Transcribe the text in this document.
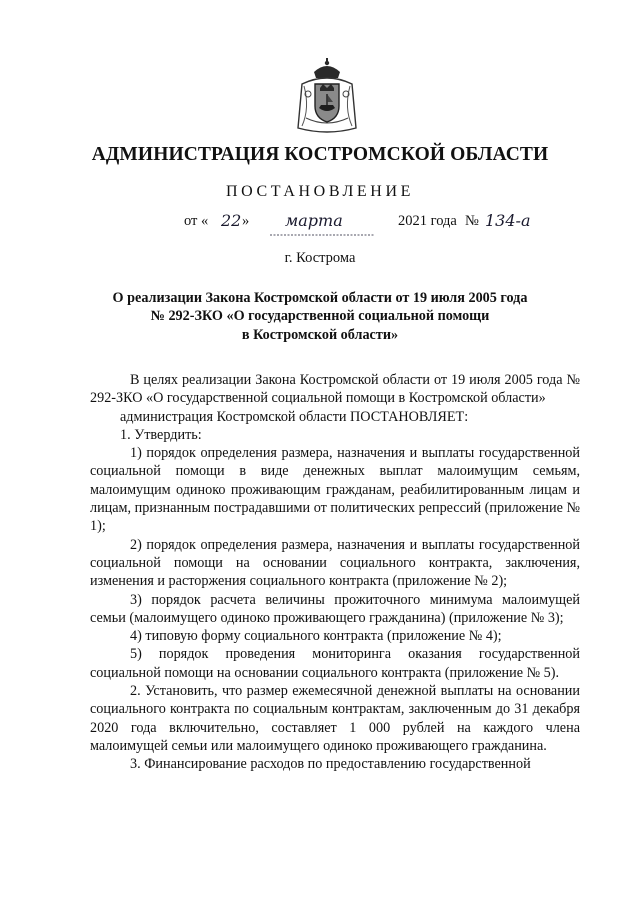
АДМИНИСТРАЦИЯ КОСТРОМСКОЙ ОБЛАСТИ
ПОСТАНОВЛЕНИЕ
от « 22 » марта	2021 года № 134-а
г. Кострома
О реализации Закона Костромской области от 19 июля 2005 года
№ 292-ЗКО «О государственной социальной помощи
в Костромской области»

В целях реализации Закона Костромской области от 19 июля 2005 года № 292-ЗКО «О государственной социальной помощи в Костромской области»

администрация Костромской области ПОСТАНОВЛЯЕТ:

1. Утвердить:

1) порядок определения размера, назначения и выплаты государственной социальной помощи в виде денежных выплат малоимущим семьям, малоимущим одиноко проживающим гражданам, реабилитированным лицам и лицам, признанным пострадавшими от политических репрессий (приложение № 1);

2) порядок определения размера, назначения и выплаты государственной социальной помощи на основании социального контракта, заключения, изменения и расторжения социального контракта (приложение № 2);

3) порядок расчета величины прожиточного минимума малоимущей семьи (малоимущего одиноко проживающего гражданина) (приложение № 3);

4) типовую форму социального контракта (приложение № 4);

5) порядок проведения мониторинга оказания государственной социальной помощи на основании социального контракта (приложение № 5).

2. Установить, что размер ежемесячной денежной выплаты на основании социального контракта по социальным контрактам, заключенным до 31 декабря 2020 года включительно, составляет 1 000 рублей на каждого члена малоимущей семьи или малоимущего одиноко проживающего гражданина.

3. Финансирование расходов по предоставлению государственной
